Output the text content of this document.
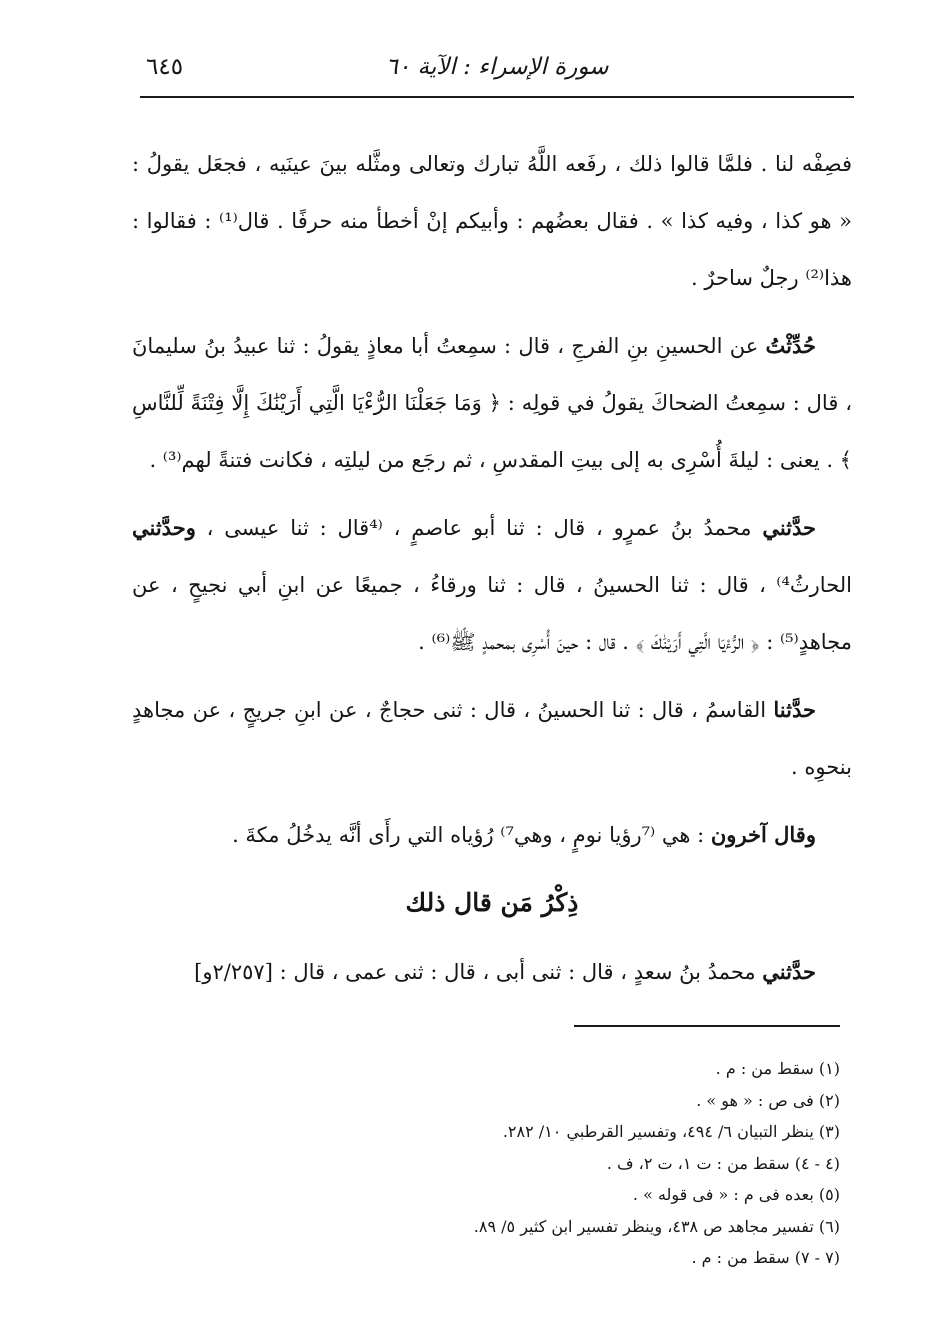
٦٤٥	سورة الإسراء : الآية ٦٠

فصِفْه لنا . فلمَّا قالوا ذلك ، رفَعه اللَّهُ تبارك وتعالى ومثَّله بينَ عينَيه ، فجعَل يقولُ : « هو كذا ، وفيه كذا » . فقال بعضُهم : وأبيكم إنْ أخطأ منه حرفًا . قال⁽¹⁾ : فقالوا : هذا⁽²⁾ رجلٌ ساحرٌ .

حُدِّثْتُ عن الحسينِ بنِ الفرجِ ، قال : سمِعتُ أبا معاذٍ يقولُ : ثنا عبيدُ بنُ سليمانَ ، قال : سمِعتُ الضحاكَ يقولُ في قولِه : ﴿ وَمَا جَعَلْنَا الرُّءْيَا الَّتِي أَرَيْنَٰكَ إِلَّا فِتْنَةً لِّلنَّاسِ ﴾ . يعنى : ليلةَ أُسْرِى به إلى بيتِ المقدسِ ، ثم رجَع من ليلتِه ، فكانت فتنةً لهم⁽³⁾ .

حدَّثني محمدُ بنُ عمرٍو ، قال : ثنا أبو عاصمٍ ، ⁽⁴قال : ثنا عيسى ، وحدَّثني الحارثُ⁴⁾ ، قال : ثنا الحسينُ ، قال : ثنا ورقاءُ ، جميعًا عن ابنِ أبي نجيحٍ ، عن مجاهدٍ⁽⁵⁾ : ﴿ الرُّءْيَا الَّتِي أَرَيْنَٰكَ ﴾ . قال : حينَ أُسْرِى بمحمدٍ ﷺ⁽⁶⁾ .

حدَّثنا القاسمُ ، قال : ثنا الحسينُ ، قال : ثنى حجاجٌ ، عن ابنِ جريجٍ ، عن مجاهدٍ بنحوِه .

وقال آخرون : هي ⁽⁷رؤيا نومٍ ، وهي⁷⁾ رُؤياه التي رأَى أنَّه يدخُلُ مكةَ .

ذِكْرُ مَن قال ذلك

حدَّثني محمدُ بنُ سعدٍ ، قال : ثنى أبى ، قال : ثنى عمى ، قال : [٢/٢٥٧و]

(١) سقط من : م .

(٢) فى ص : « هو » .

(٣) ينظر التبيان ٦/ ٤٩٤، وتفسير القرطبي ١٠/ ٢٨٢.

(٤ - ٤) سقط من : ت ١، ت ٢، ف .

(٥) بعده فى م : « فى قوله » .

(٦) تفسير مجاهد ص ٤٣٨، وينظر تفسير ابن كثير ٥/ ٨٩.

(٧ - ٧) سقط من : م .
